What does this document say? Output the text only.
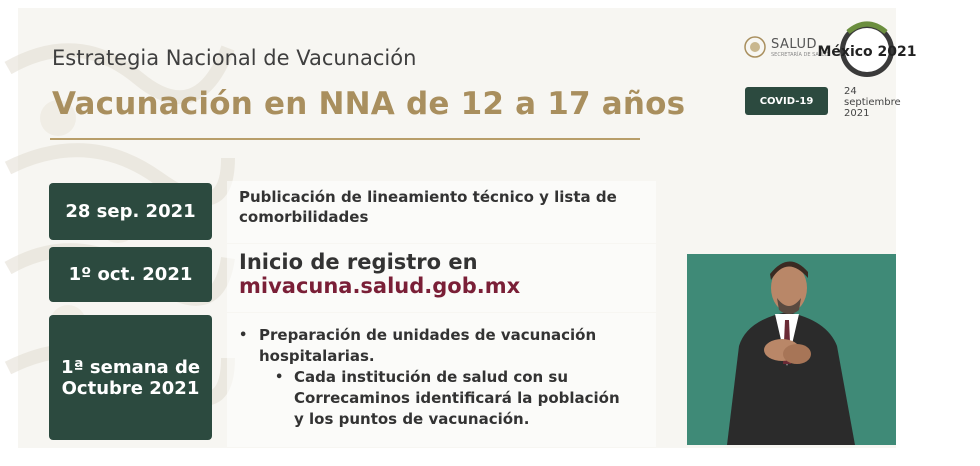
Estrategia Nacional de Vacunación
Vacunación en NNA de 12 a 17 años
SALUD
SECRETARÍA DE SALUD
COVID-19
México 2021
24
septiembre
2021
28 sep. 2021
Publicación de lineamiento técnico y lista de
comorbilidades
1º oct. 2021
Inicio de registro en
mivacuna.salud.gob.mx
1ª semana de
Octubre 2021
• Preparación de unidades de vacunación
hospitalarias.
• Cada institución de salud con su
Correcaminos identificará la población
y los puntos de vacunación.
